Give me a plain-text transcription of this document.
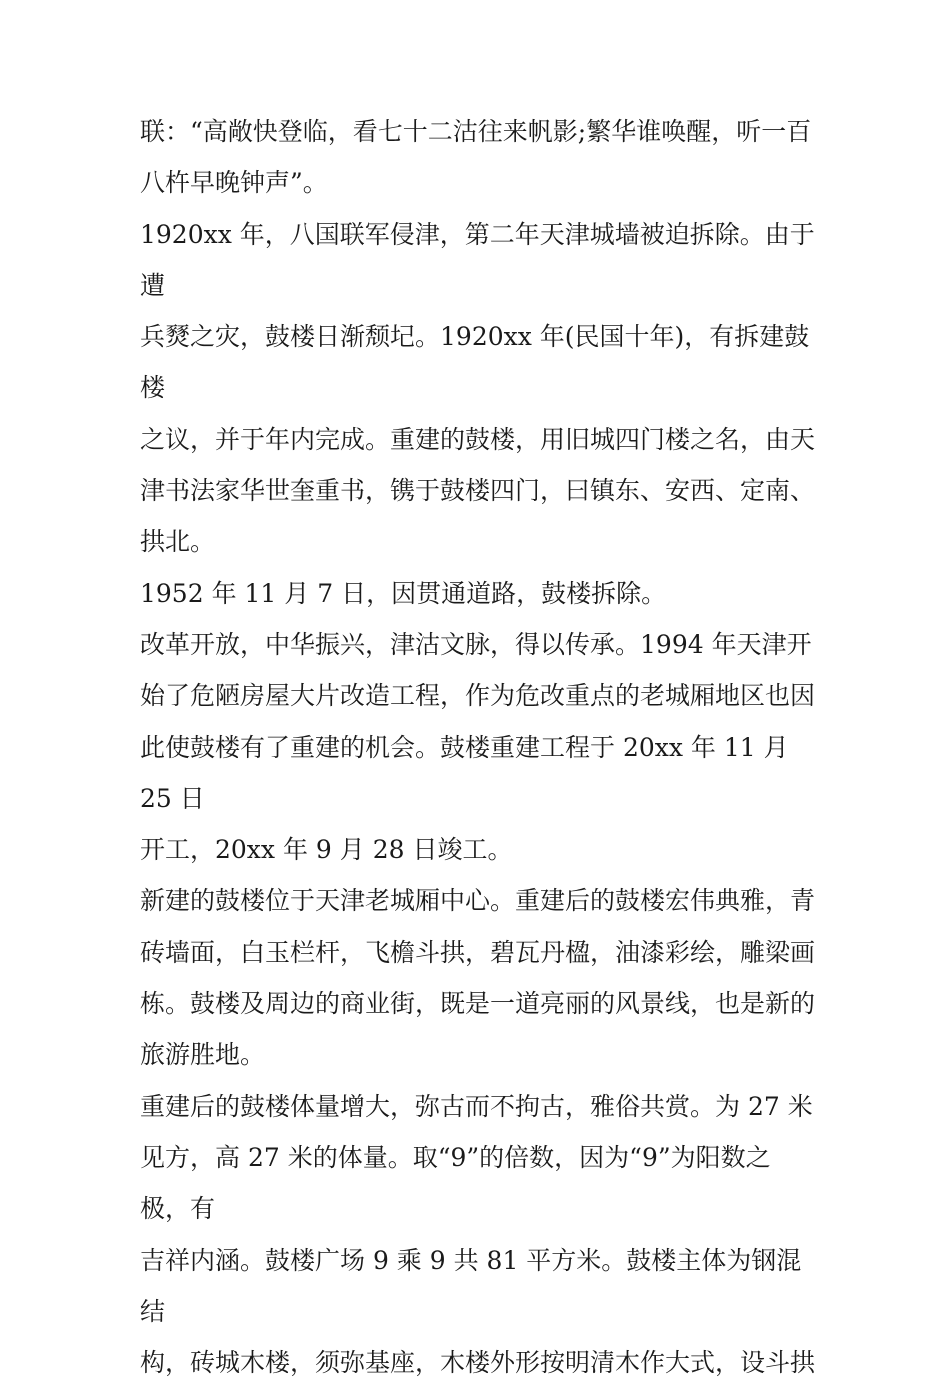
联：“高敞快登临，看七十二沽往来帆影;繁华谁唤醒，听一百
八杵早晚钟声”。

1920xx 年，八国联军侵津，第二年天津城墙被迫拆除。由于遭
兵燹之灾，鼓楼日渐颓圮。1920xx 年(民国十年)，有拆建鼓楼
之议，并于年内完成。重建的鼓楼，用旧城四门楼之名，由天
津书法家华世奎重书，镌于鼓楼四门，曰镇东、安西、定南、
拱北。

1952 年 11 月 7 日，因贯通道路，鼓楼拆除。

改革开放，中华振兴，津沽文脉，得以传承。1994 年天津开
始了危陋房屋大片改造工程，作为危改重点的老城厢地区也因
此使鼓楼有了重建的机会。鼓楼重建工程于 20xx 年 11 月 25 日
开工，20xx 年 9 月 28 日竣工。

新建的鼓楼位于天津老城厢中心。重建后的鼓楼宏伟典雅，青
砖墙面，白玉栏杆，飞檐斗拱，碧瓦丹楹，油漆彩绘，雕梁画
栋。鼓楼及周边的商业街，既是一道亮丽的风景线，也是新的
旅游胜地。

重建后的鼓楼体量增大，弥古而不拘古，雅俗共赏。为 27 米
见方，高 27 米的体量。取“9”的倍数，因为“9”为阳数之极，有
吉祥内涵。鼓楼广场 9 乘 9 共 81 平方米。鼓楼主体为钢混结
构，砖城木楼，须弥基座，木楼外形按明清木作大式，设斗拱
